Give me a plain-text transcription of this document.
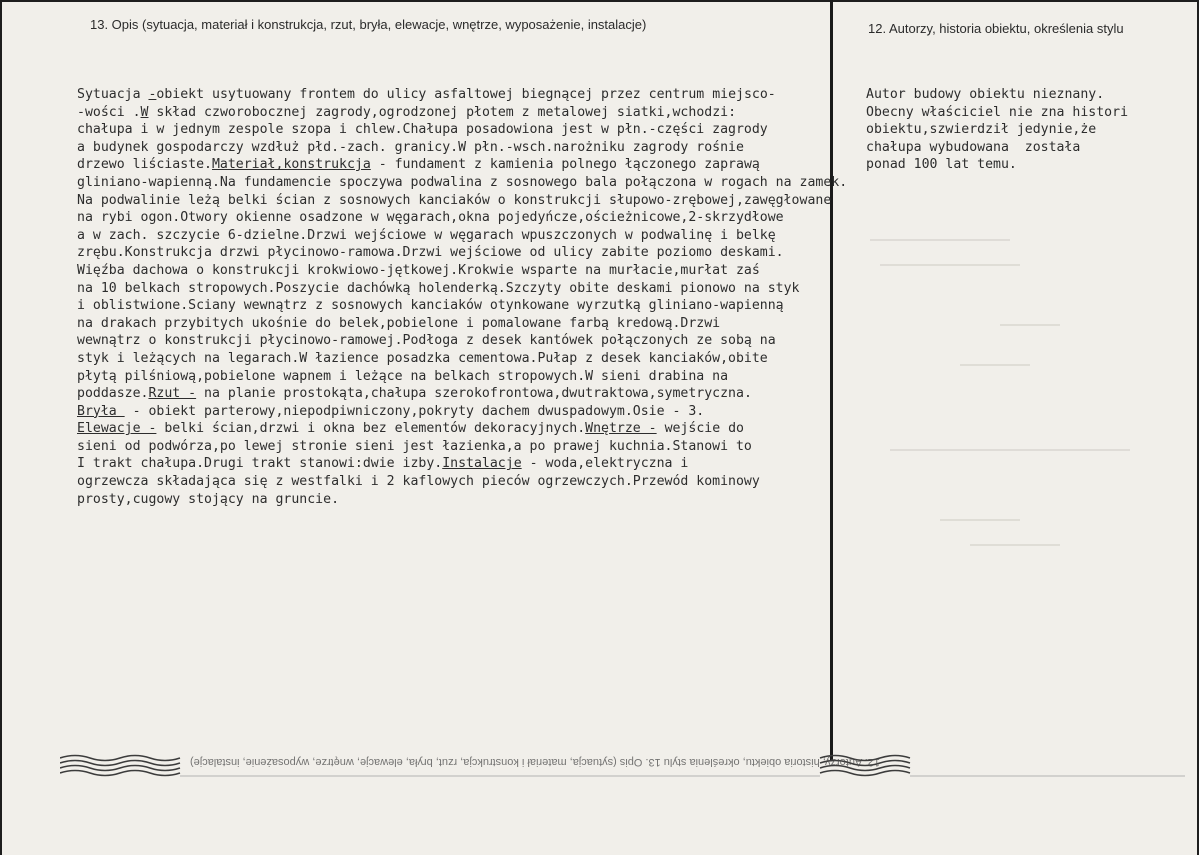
13. Opis (sytuacja, materiał i konstrukcja, rzut, bryła, elewacje, wnętrze, wyposażenie, instalacje)	12. Autorzy, historia obiektu, określenia stylu
Sytuacja -obiekt usytuowany frontem do ulicy asfaltowej biegnącej przez centrum miejsco-
-wości .W skład czworobocznej zagrody,ogrodzonej płotem z metalowej siatki,wchodzi:
chałupa i w jednym zespole szopa i chlew.Chałupa posadowiona jest w płn.-części zagrody
a budynek gospodarczy wzdłuż płd.-zach. granicy.W płn.-wsch.narożniku zagrody rośnie
drzewo liściaste.Materiał,konstrukcja - fundament z kamienia polnego łączonego zaprawą
gliniano-wapienną.Na fundamencie spoczywa podwalina z sosnowego bala połączona w rogach na zamek.
Na podwalinie leżą belki ścian z sosnowych kanciaków o konstrukcji słupowo-zrębowej,zawęgłowane
na rybi ogon.Otwory okienne osadzone w węgarach,okna pojedyńcze,ościeżnicowe,2-skrzydłowe
a w zach. szczycie 6-dzielne.Drzwi wejściowe w węgarach wpuszczonych w podwalinę i belkę
zrębu.Konstrukcja drzwi płycinowo-ramowa.Drzwi wejściowe od ulicy zabite poziomo deskami.
Więźba dachowa o konstrukcji krokwiowo-jętkowej.Krokwie wsparte na murłacie,murłat zaś
na 10 belkach stropowych.Poszycie dachówką holenderką.Szczyty obite deskami pionowo na styk
i oblistwione.Sciany wewnątrz z sosnowych kanciaków otynkowane wyrzutką gliniano-wapienną
na drakach przybitych ukośnie do belek,pobielone i pomalowane farbą kredową.Drzwi
wewnątrz o konstrukcji płycinowo-ramowej.Podłoga z desek kantówek połączonych ze sobą na
styk i leżących na legarach.W łazience posadzka cementowa.Pułap z desek kanciaków,obite
płytą pilśniową,pobielone wapnem i leżące na belkach stropowych.W sieni drabina na
poddasze.Rzut - na planie prostokąta,chałupa szerokofrontowa,dwutraktowa,symetryczna.
Bryła  - obiekt parterowy,niepodpiwniczony,pokryty dachem dwuspadowym.Osie - 3.
Elewacje - belki ścian,drzwi i okna bez elementów dekoracyjnych.Wnętrze - wejście do
sieni od podwórza,po lewej stronie sieni jest łazienka,a po prawej kuchnia.Stanowi to
I trakt chałupa.Drugi trakt stanowi:dwie izby.Instalacje - woda,elektryczna i
ogrzewcza składająca się z westfalki i 2 kaflowych pieców ogrzewczych.Przewód kominowy
prosty,cugowy stojący na gruncie.
Autor budowy obiektu nieznany.
Obecny właściciel nie zna histori
obiektu,szwierdził jedynie,że
chałupa wybudowana  została
ponad 100 lat temu.
12. Autorzy, historia obiektu, określenia stylu 13. Opis (sytuacja, materiał i konstrukcja, rzut, bryła, elewacje, wnętrze, wyposażenie, instalacje)
